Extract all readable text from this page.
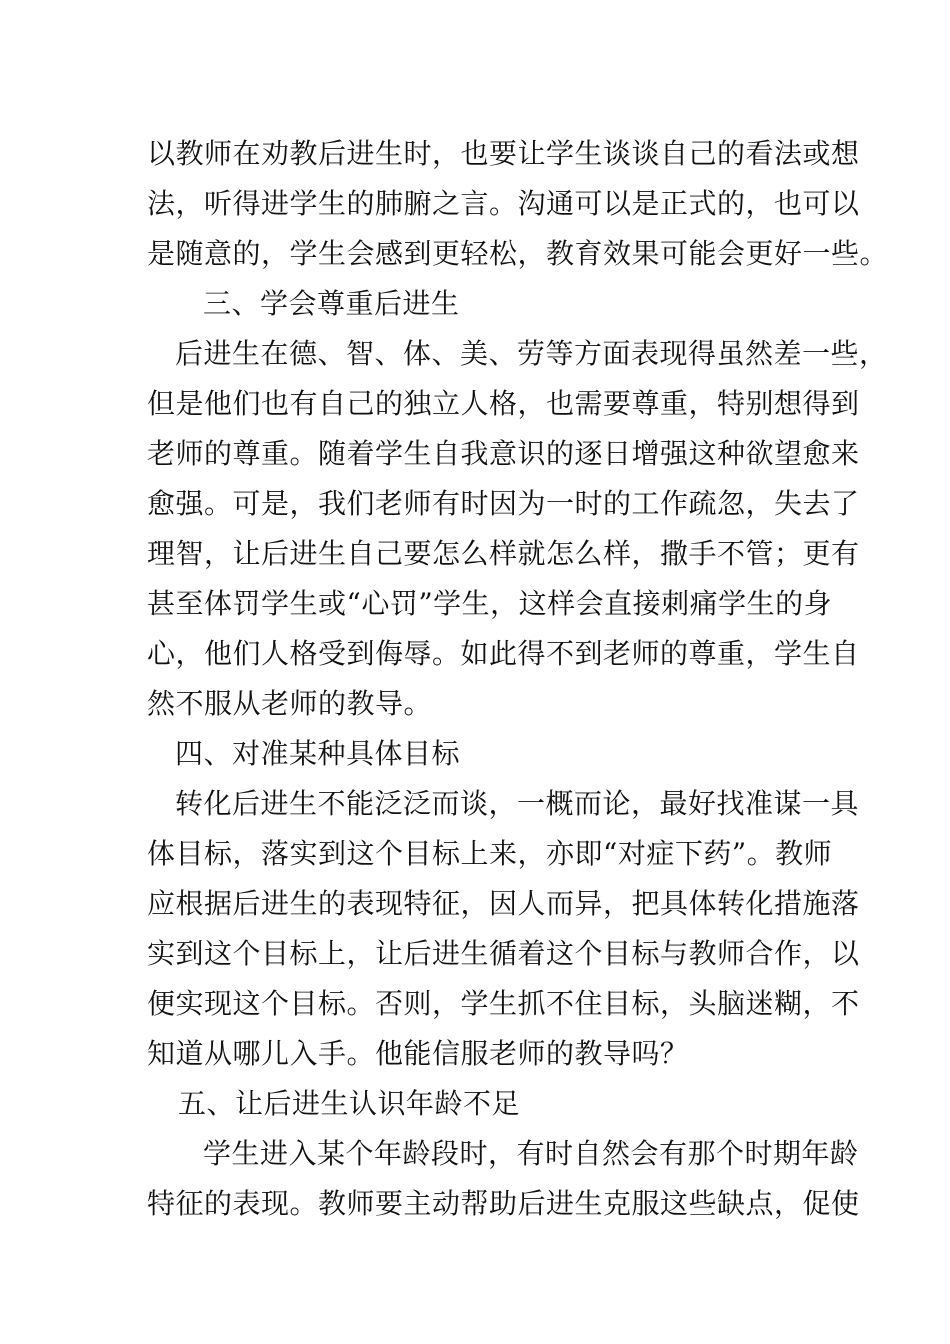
以教师在劝教后进生时，也要让学生谈谈自己的看法或想
法，听得进学生的肺腑之言。沟通可以是正式的，也可以
是随意的，学生会感到更轻松，教育效果可能会更好一些。
三、学会尊重后进生
后进生在德、智、体、美、劳等方面表现得虽然差一些，
但是他们也有自己的独立人格，也需要尊重，特别想得到
老师的尊重。随着学生自我意识的逐日增强这种欲望愈来
愈强。可是，我们老师有时因为一时的工作疏忽，失去了
理智，让后进生自己要怎么样就怎么样，撒手不管；更有
甚至体罚学生或“心罚”学生，这样会直接刺痛学生的身
心，他们人格受到侮辱。如此得不到老师的尊重，学生自
然不服从老师的教导。
四、对准某种具体目标
转化后进生不能泛泛而谈，一概而论，最好找准谋一具
体目标，落实到这个目标上来，亦即“对症下药”。教师
应根据后进生的表现特征，因人而异，把具体转化措施落
实到这个目标上，让后进生循着这个目标与教师合作，以
便实现这个目标。否则，学生抓不住目标，头脑迷糊，不
知道从哪儿入手。他能信服老师的教导吗？
五、让后进生认识年龄不足
学生进入某个年龄段时，有时自然会有那个时期年龄
特征的表现。教师要主动帮助后进生克服这些缺点，促使
